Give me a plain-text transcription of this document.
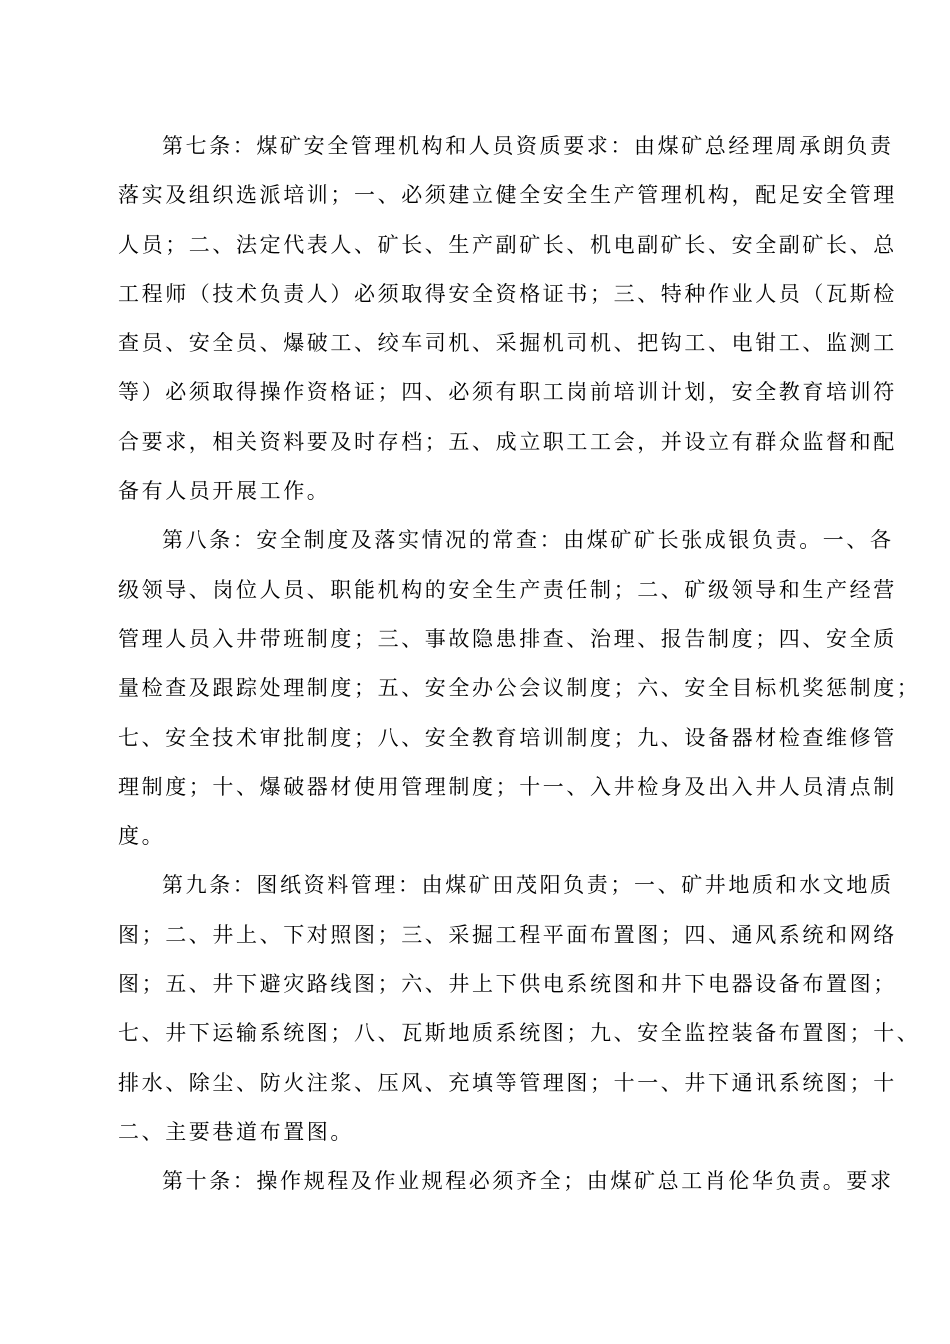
第七条：煤矿安全管理机构和人员资质要求：由煤矿总经理周承朗负责
落实及组织选派培训；一、必须建立健全安全生产管理机构，配足安全管理
人员；二、法定代表人、矿长、生产副矿长、机电副矿长、安全副矿长、总
工程师（技术负责人）必须取得安全资格证书；三、特种作业人员（瓦斯检
查员、安全员、爆破工、绞车司机、采掘机司机、把钩工、电钳工、监测工
等）必须取得操作资格证；四、必须有职工岗前培训计划，安全教育培训符
合要求，相关资料要及时存档；五、成立职工工会，并设立有群众监督和配
备有人员开展工作。
第八条：安全制度及落实情况的常查：由煤矿矿长张成银负责。一、各
级领导、岗位人员、职能机构的安全生产责任制；二、矿级领导和生产经营
管理人员入井带班制度；三、事故隐患排查、治理、报告制度；四、安全质
量检查及跟踪处理制度；五、安全办公会议制度；六、安全目标机奖惩制度；
七、安全技术审批制度；八、安全教育培训制度；九、设备器材检查维修管
理制度；十、爆破器材使用管理制度；十一、入井检身及出入井人员清点制
度。
第九条：图纸资料管理：由煤矿田茂阳负责；一、矿井地质和水文地质
图；二、井上、下对照图；三、采掘工程平面布置图；四、通风系统和网络
图；五、井下避灾路线图；六、井上下供电系统图和井下电器设备布置图；
七、井下运输系统图；八、瓦斯地质系统图；九、安全监控装备布置图；十、
排水、除尘、防火注浆、压风、充填等管理图；十一、井下通讯系统图；十
二、主要巷道布置图。
第十条：操作规程及作业规程必须齐全；由煤矿总工肖伦华负责。要求
